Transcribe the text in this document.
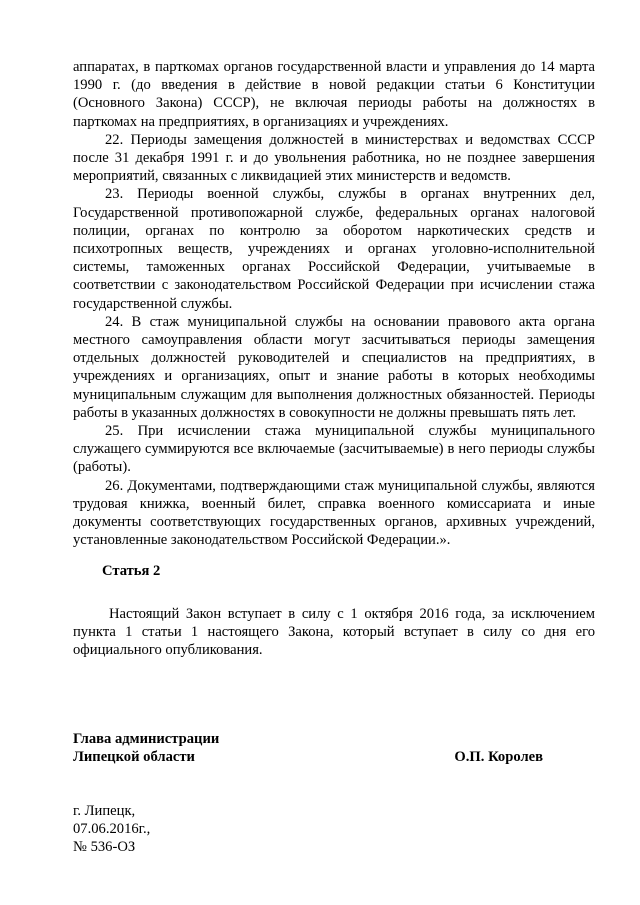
аппаратах, в парткомах органов государственной власти и управления до 14 марта 1990 г. (до введения в действие в новой редакции статьи 6 Конституции (Основного Закона) СССР), не включая периоды работы на должностях в парткомах на предприятиях, в организациях и учреждениях.

22. Периоды замещения должностей в министерствах и ведомствах СССР после 31 декабря 1991 г. и до увольнения работника, но не позднее завершения мероприятий, связанных с ликвидацией этих министерств и ведомств.

23. Периоды военной службы, службы в органах внутренних дел, Государственной противопожарной службе, федеральных органах налоговой полиции, органах по контролю за оборотом наркотических средств и психотропных веществ, учреждениях и органах уголовно-исполнительной системы, таможенных органах Российской Федерации, учитываемые в соответствии с законодательством Российской Федерации при исчислении стажа государственной службы.

24. В стаж муниципальной службы на основании правового акта органа местного самоуправления области могут засчитываться периоды замещения отдельных должностей руководителей и специалистов на предприятиях, в учреждениях и организациях, опыт и знание работы в которых необходимы муниципальным служащим для выполнения должностных обязанностей. Периоды работы в указанных должностях в совокупности не должны превышать пять лет.

25. При исчислении стажа муниципальной службы муниципального служащего суммируются все включаемые (засчитываемые) в него периоды службы (работы).

26. Документами, подтверждающими стаж муниципальной службы, являются трудовая книжка, военный билет, справка военного комиссариата и иные документы соответствующих государственных органов, архивных учреждений, установленные законодательством Российской Федерации.».

Статья 2

Настоящий Закон вступает в силу с 1 октября 2016 года, за исключением пункта 1 статьи 1 настоящего Закона, который вступает в силу со дня его официального опубликования.

Глава администрации
Липецкой области	О.П. Королев
г. Липецк,
07.06.2016г.,
№ 536-ОЗ
